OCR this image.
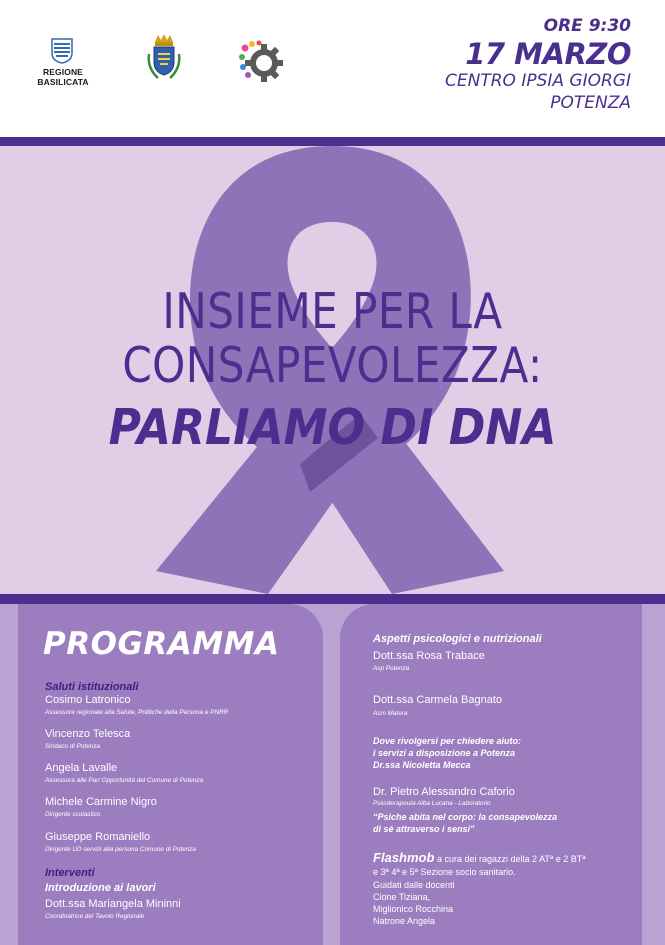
REGIONE BASILICATA
ORE 9:30
17 MARZO
CENTRO IPSIA GIORGI
POTENZA
INSIEME PER LA
CONSAPEVOLEZZA:
PARLIAMO DI DNA
PROGRAMMA
Saluti istituzionali
Cosimo Latronico
Assessore regionale alla Salute, Politiche della Persona e PNRR
Vincenzo Telesca
Sindaco di Potenza
Angela Lavalle
Assessora alle Pari Opportunità del Comune di Potenza
Michele Carmine Nigro
Dirigente scolastico
Giuseppe Romaniello
Dirigente UD servizi alla persona Comune di Potenza
Interventi
Introduzione ai lavori
Dott.ssa Mariangela Mininni
Coordinatrice del Tavolo Regionale
Aspetti psicologici e nutrizionali
Dott.ssa Rosa Trabace
Asp Potenza
Dott.ssa Carmela Bagnato
Asm Matera
Dove rivolgersi per chiedere aiuto:
i servizi a disposizione a Potenza
Dr.ssa Nicoletta Mecca
Dr. Pietro Alessandro Caforio
Psicoterapeuta Alba Lucana - Laboratorio
“Psiche abita nel corpo: la consapevolezza
di sé attraverso i sensi”
Flashmob a cura dei ragazzi della 2 ATª e 2 BTª
e 3ª 4ª e 5ª Sezione socio sanitario.
Guidati dalle docenti
Cione Tiziana,
Miglionico Rocchina
Natrone Angela
